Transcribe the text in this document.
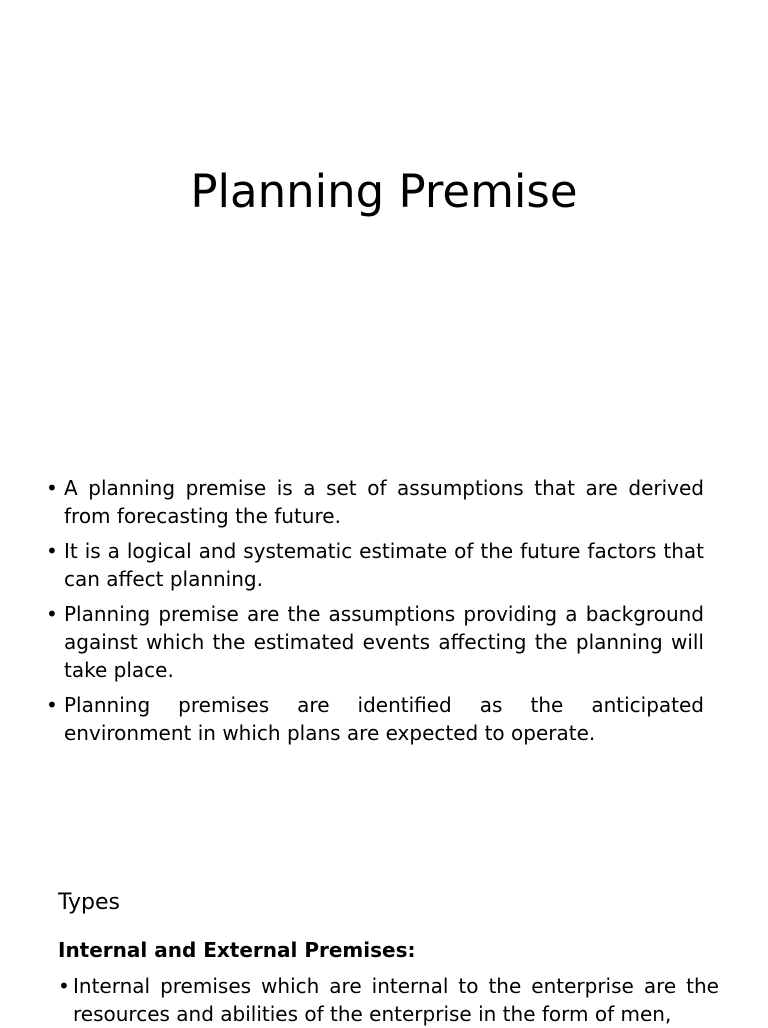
Planning Premise
• A planning premise is a set of assumptions that are derived from forecasting the future.
• It is a logical and systematic estimate of the future factors that can affect planning.
• Planning premise are the assumptions providing a background against which the estimated events affecting the planning will take place.
• Planning premises are identified as the anticipated environment in which plans are expected to operate.
Types
Internal and External Premises:
• Internal premises which are internal to the enterprise are the resources and abilities of the enterprise in the form of men,
